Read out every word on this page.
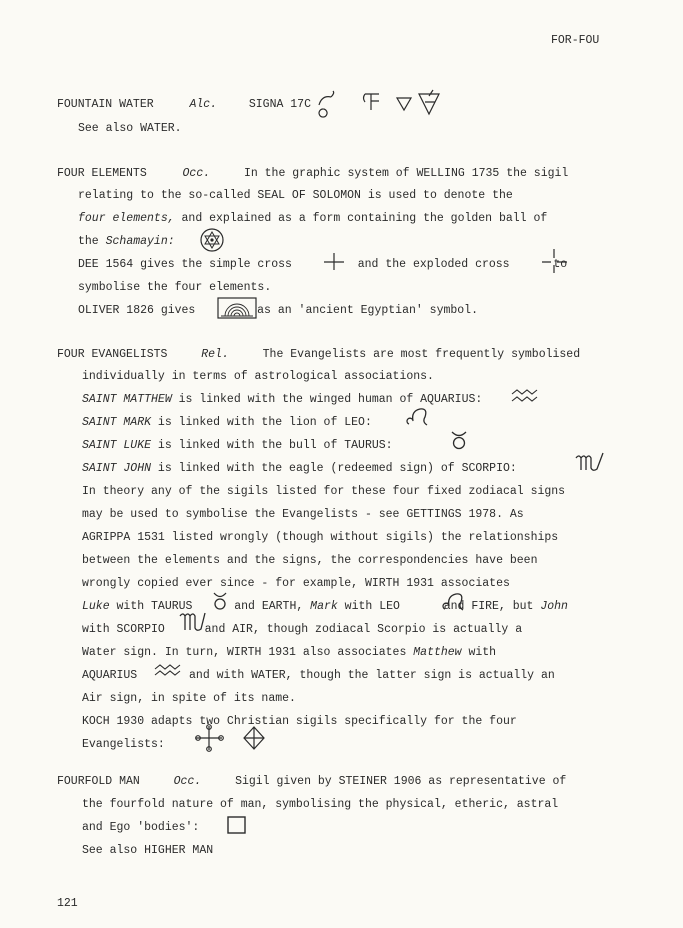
FOR-FOU
FOUNTAIN WATER	Alc.	SIGNA 17C
See also WATER.
FOUR ELEMENTS	Occ.	In the graphic system of WELLING 1735 the sigil
relating to the so-called SEAL OF SOLOMON is used to denote the
four elements, and explained as a form containing the golden ball of
the Schamayin:
DEE 1564 gives the simple cross	and the exploded cross	to
symbolise the four elements.
OLIVER 1826 gives	as an 'ancient Egyptian' symbol.
FOUR EVANGELISTS	Rel.	The Evangelists are most frequently symbolised
individually in terms of astrological associations.
SAINT MATTHEW is linked with the winged human of AQUARIUS:
SAINT MARK is linked with the lion of LEO:
SAINT LUKE is linked with the bull of TAURUS:
SAINT JOHN is linked with the eagle (redeemed sign) of SCORPIO:
In theory any of the sigils listed for these four fixed zodiacal signs
may be used to symbolise the Evangelists - see GETTINGS 1978. As
AGRIPPA 1531 listed wrongly (though without sigils) the relationships
between the elements and the signs, the correspondencies have been
wrongly copied ever since - for example, WIRTH 1931 associates
Luke with TAURUS	and EARTH, Mark with LEO	and FIRE, but John
with SCORPIO	and AIR, though zodiacal Scorpio is actually a
Water sign. In turn, WIRTH 1931 also associates Matthew with
AQUARIUS	and with WATER, though the latter sign is actually an
Air sign, in spite of its name.
KOCH 1930 adapts two Christian sigils specifically for the four
Evangelists:
FOURFOLD MAN	Occ.	Sigil given by STEINER 1906 as representative of
the fourfold nature of man, symbolising the physical, etheric, astral
and Ego 'bodies':
See also HIGHER MAN
121
